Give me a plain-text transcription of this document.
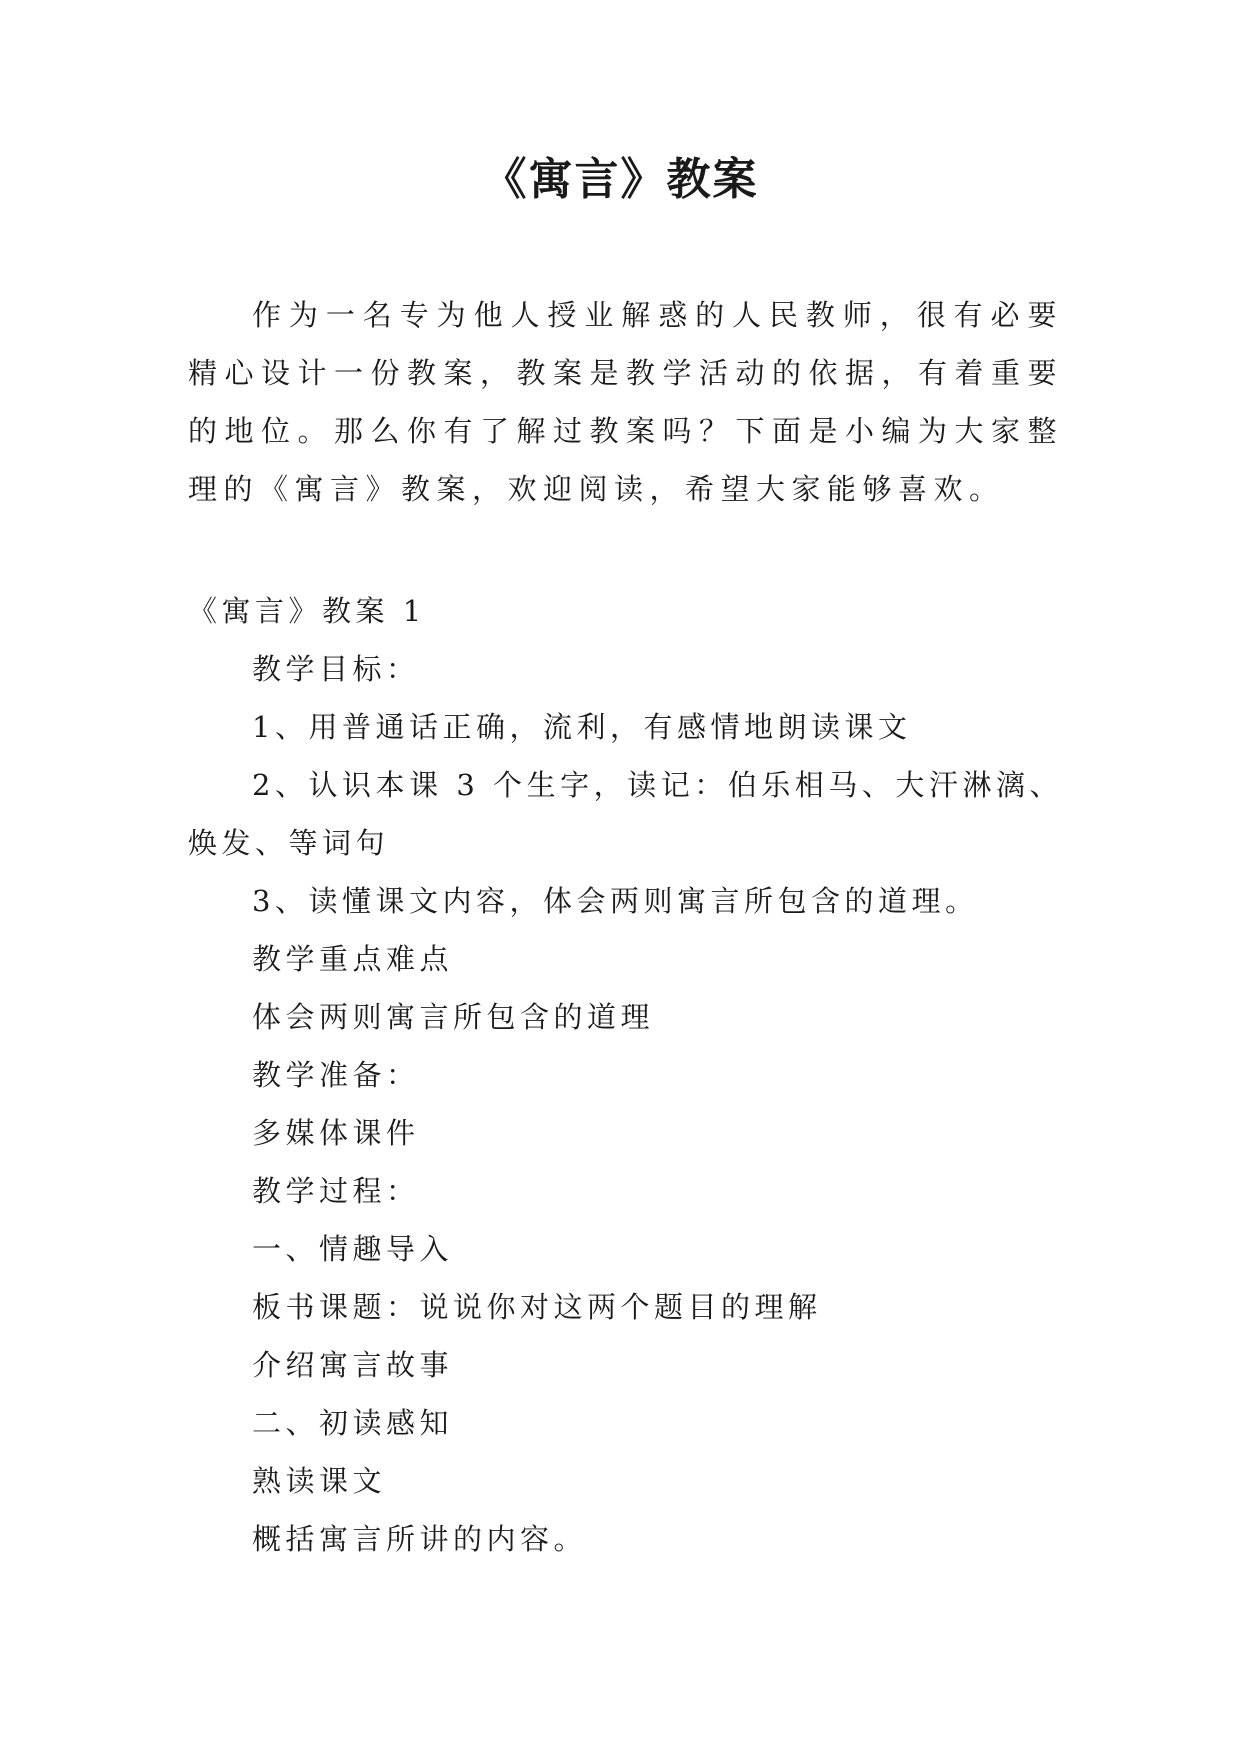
《寓言》教案

作为一名专为他人授业解惑的人民教师，很有必要精心设计一份教案，教案是教学活动的依据，有着重要的地位。那么你有了解过教案吗？下面是小编为大家整理的《寓言》教案，欢迎阅读，希望大家能够喜欢。

《寓言》教案 1

教学目标：

1、用普通话正确，流利，有感情地朗读课文

2、认识本课 3 个生字，读记：伯乐相马、大汗淋漓、焕发、等词句

3、读懂课文内容，体会两则寓言所包含的道理。

教学重点难点

体会两则寓言所包含的道理

教学准备：

多媒体课件

教学过程：

一、情趣导入

板书课题：说说你对这两个题目的理解

介绍寓言故事

二、初读感知

熟读课文

概括寓言所讲的内容。
